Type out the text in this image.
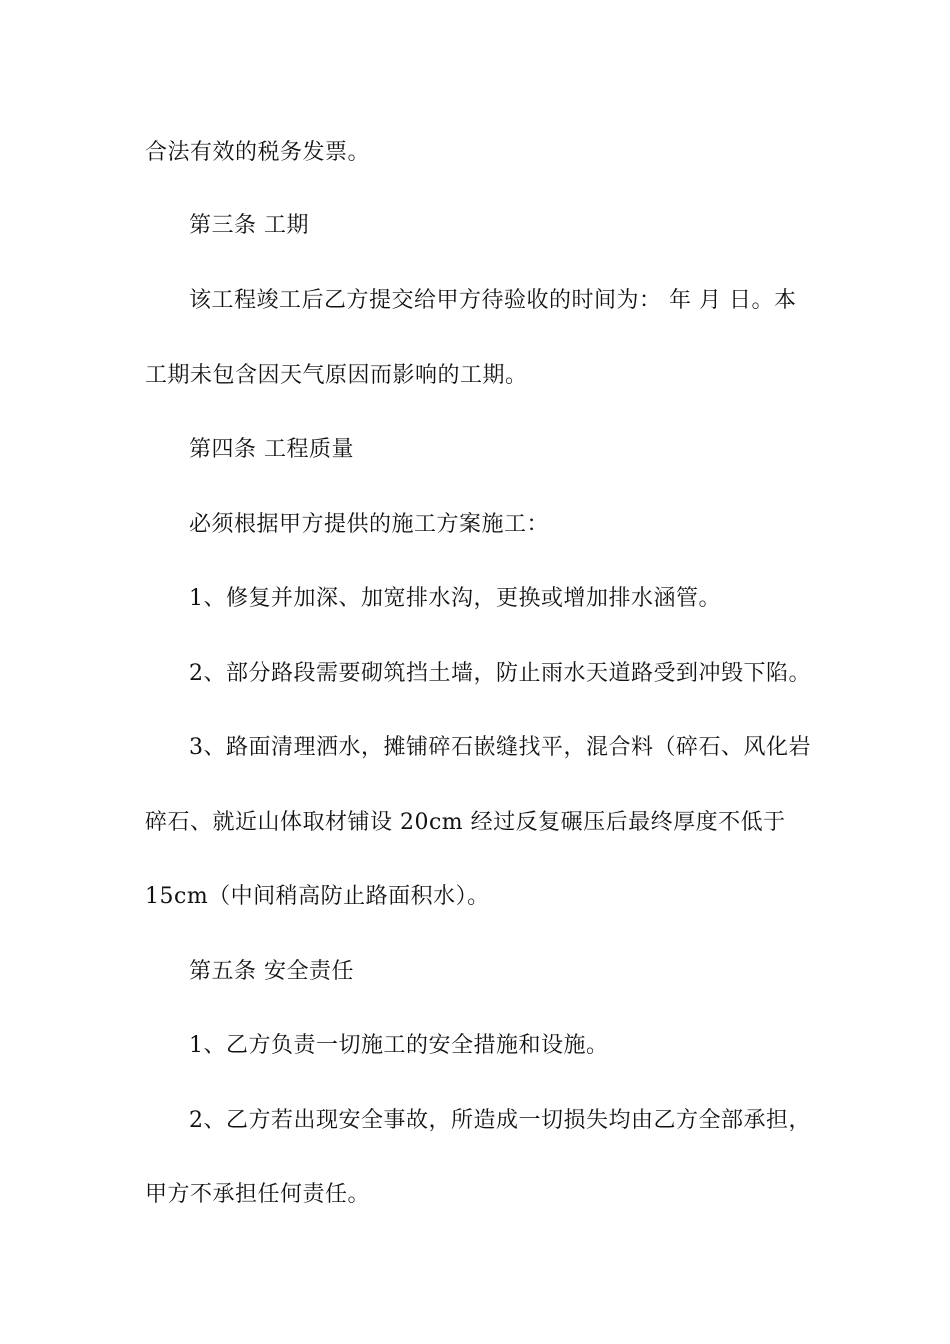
合法有效的税务发票。
第三条 工期
该工程竣工后乙方提交给甲方待验收的时间为： 年 月 日。本
工期未包含因天气原因而影响的工期。
第四条 工程质量
必须根据甲方提供的施工方案施工：
1、修复并加深、加宽排水沟，更换或增加排水涵管。
2、部分路段需要砌筑挡土墙，防止雨水天道路受到冲毁下陷。
3、路面清理洒水，摊铺碎石嵌缝找平，混合料（碎石、风化岩
碎石、就近山体取材铺设 20cm 经过反复碾压后最终厚度不低于
15cm（中间稍高防止路面积水）。
第五条 安全责任
1、乙方负责一切施工的安全措施和设施。
2、乙方若出现安全事故，所造成一切损失均由乙方全部承担，
甲方不承担任何责任。
